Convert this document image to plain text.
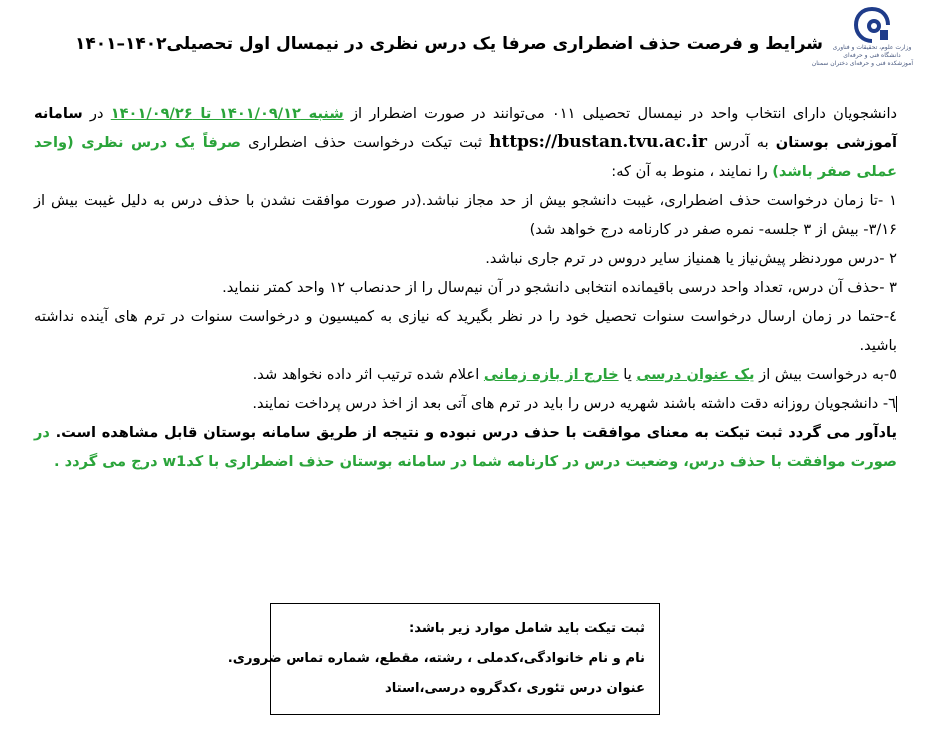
وزارت علوم، تحقیقات و فناوری
دانشگاه فنی و حرفه‌ای
آموزشکده فنی و حرفه‌ای دختران سمنان
شرایط و فرصت حذف اضطراری صرفا یک درس نظری در نیمسال اول تحصیلی۱۴۰۲–۱۴۰۱

دانشجویان دارای انتخاب واحد در نیمسال تحصیلی ۰۱۱ می‌توانند در صورت اضطرار از شنبه ۱۴۰۱/۰۹/۱۲ تا ۱۴۰۱/۰۹/۲۶ در سامانه آموزشی بوستان به آدرس https://bustan.tvu.ac.ir ثبت تیکت درخواست حذف اضطراری صرفاً یک درس نظری (واحد عملی صفر باشد) را نمایند ، منوط به آن که:

۱ -تا زمان درخواست حذف اضطراری، غیبت دانشجو بیش از حد مجاز نباشد.(در صورت موافقت نشدن با حذف درس به دلیل غیبت بیش از ۳/۱۶- بیش از ۳ جلسه- نمره صفر در کارنامه درج خواهد شد)

۲ -درس موردنظر پیش‌نیاز یا همنیاز سایر دروس در ترم جاری نباشد.

۳ -حذف آن درس، تعداد واحد درسی باقیمانده انتخابی دانشجو در آن نیم‌سال را از حدنصاب ۱۲ واحد کمتر ننماید.

٤-حتما در زمان ارسال درخواست سنوات تحصیل خود را در نظر بگیرید که نیازی به کمیسیون و درخواست سنوات در ترم های آینده نداشته باشید.

٥-به درخواست بیش از یک عنوان درسی یا خارج از بازه زمانی اعلام شده ترتیب اثر داده نخواهد شد.

٦- دانشجویان روزانه دقت داشته باشند شهریه درس را باید در ترم های آتی بعد از اخذ درس پرداخت نمایند.

یادآور می گردد ثبت تیکت به معنای موافقت با حذف درس نبوده و نتیجه از طریق سامانه بوستان قابل مشاهده است. در صورت موافقت با حذف درس، وضعیت درس در کارنامه شما در سامانه بوستان حذف اضطراری با کدw1 درج می گردد .

ثبت تیکت باید شامل موارد زیر باشد:

نام و نام خانوادگی،کدملی ، رشته، مقطع، شماره تماس ضروری.

عنوان درس تئوری ،کدگروه درسی،استاد
